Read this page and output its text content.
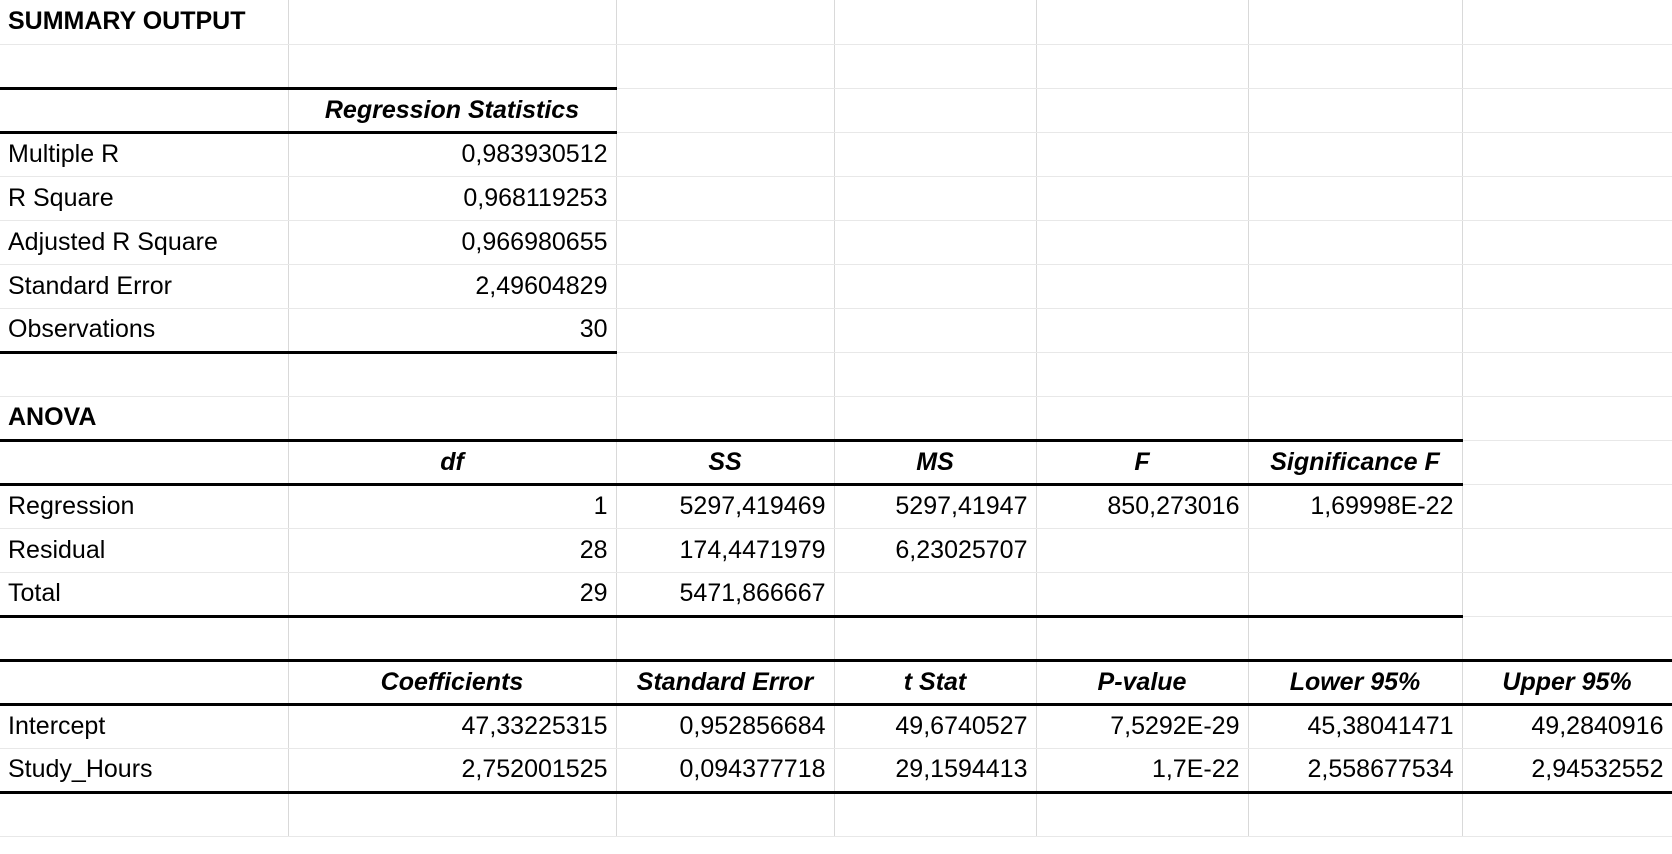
SUMMARY OUTPUT						

	Regression Statistics					
Multiple R	0,983930512					
R Square	0,968119253					
Adjusted R Square	0,966980655					
Standard Error	2,49604829					
Observations	30					

ANOVA						
	df	SS	MS	F	Significance F	
Regression	1	5297,419469	5297,41947	850,273016	1,69998E-22	
Residual	28	174,4471979	6,23025707			
Total	29	5471,866667				

	Coefficients	Standard Error	t Stat	P-value	Lower 95%	Upper 95%
Intercept	47,33225315	0,952856684	49,6740527	7,5292E-29	45,38041471	49,2840916
Study_Hours	2,752001525	0,094377718	29,1594413	1,7E-22	2,558677534	2,94532552
